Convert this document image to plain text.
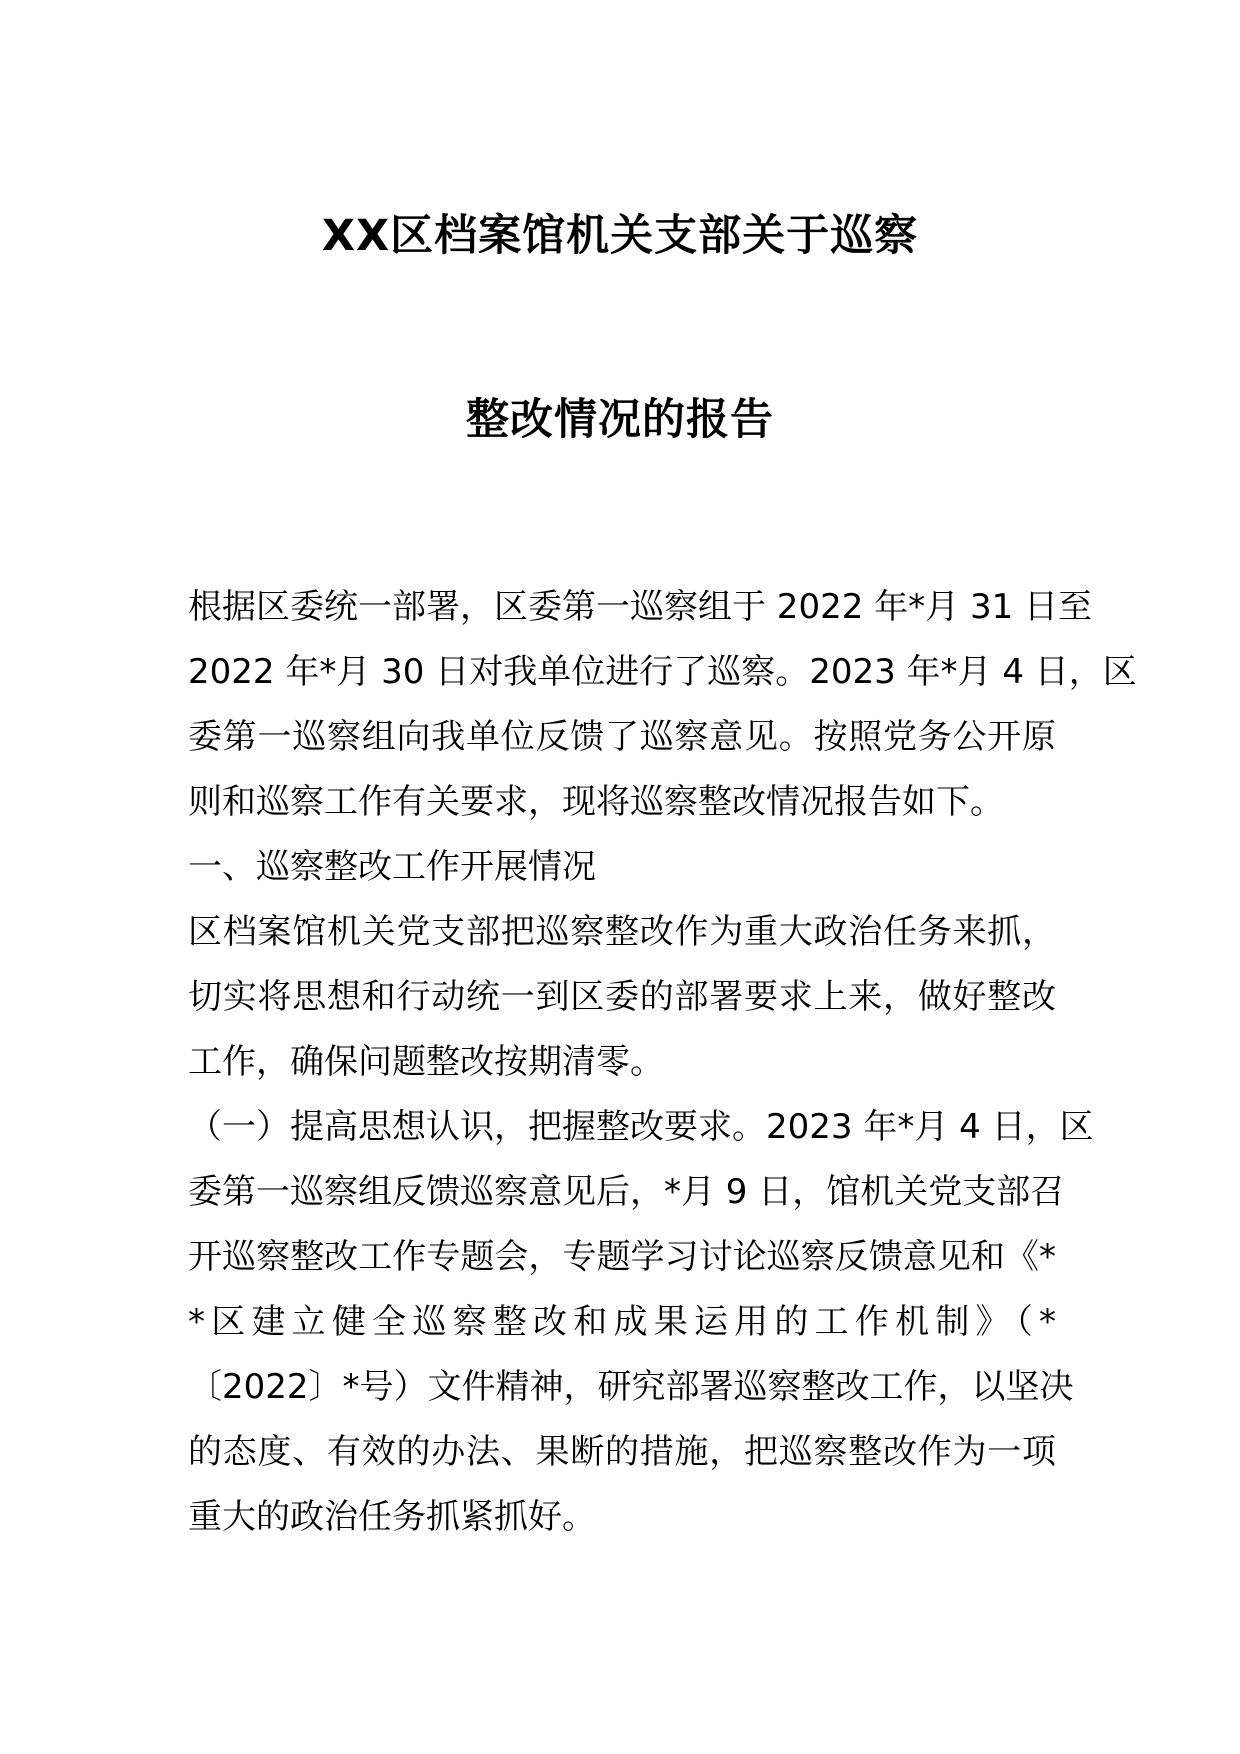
XX区档案馆机关支部关于巡察
整改情况的报告
根据区委统一部署，区委第一巡察组于 2022 年*月 31 日至
2022 年*月 30 日对我单位进行了巡察。2023 年*月 4 日，区
委第一巡察组向我单位反馈了巡察意见。按照党务公开原
则和巡察工作有关要求，现将巡察整改情况报告如下。
一、巡察整改工作开展情况
区档案馆机关党支部把巡察整改作为重大政治任务来抓，
切实将思想和行动统一到区委的部署要求上来，做好整改
工作，确保问题整改按期清零。
（一）提高思想认识，把握整改要求。2023 年*月 4 日，区
委第一巡察组反馈巡察意见后，*月 9 日，馆机关党支部召
开巡察整改工作专题会，专题学习讨论巡察反馈意见和《*
*区建立健全巡察整改和成果运用的工作机制》（*
〔2022〕*号）文件精神，研究部署巡察整改工作，以坚决
的态度、有效的办法、果断的措施，把巡察整改作为一项
重大的政治任务抓紧抓好。
